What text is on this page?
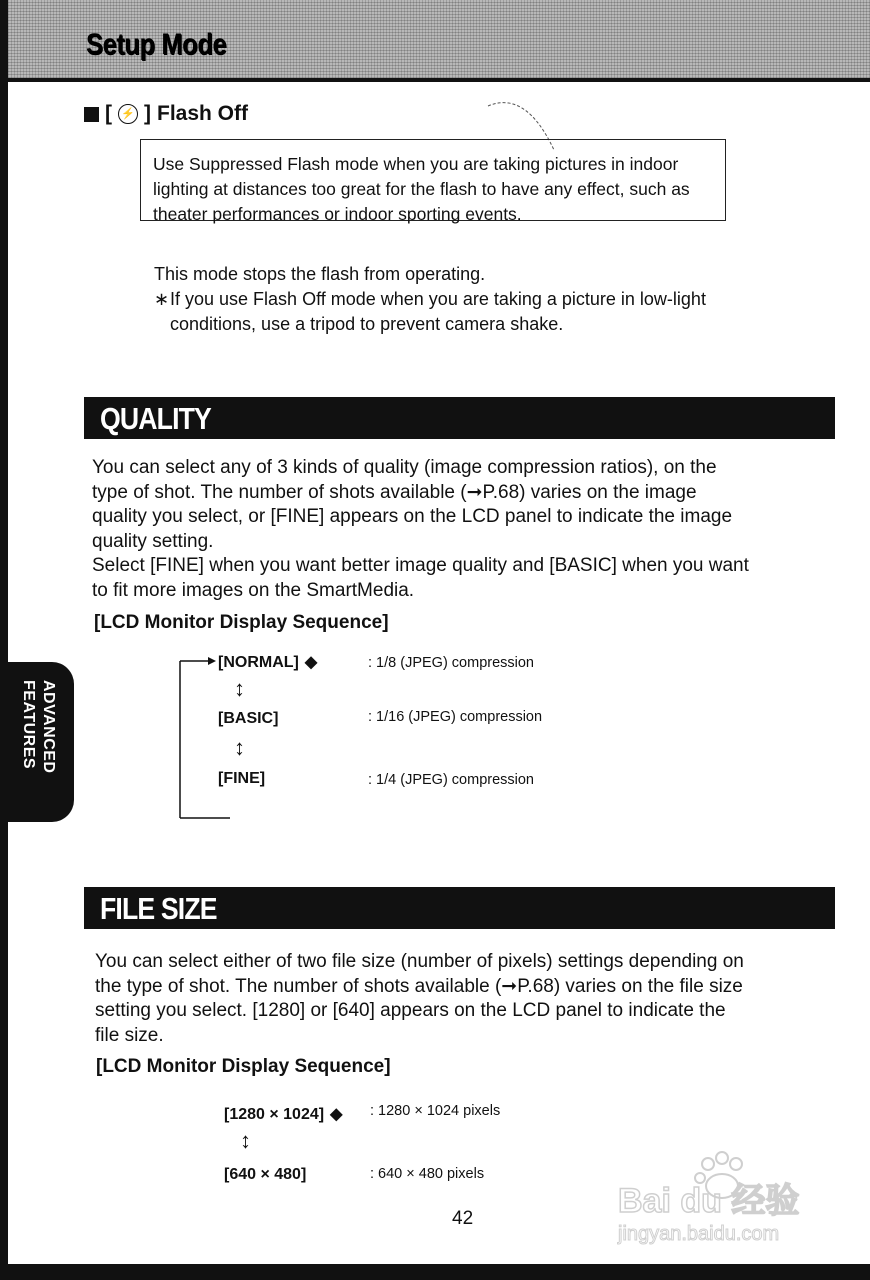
Setup Mode
[ ⚡ ] Flash Off
Use Suppressed Flash mode when you are taking pictures in indoor
lighting at distances too great for the flash to have any effect, such as
theater performances or indoor sporting events.

This mode stops the flash from operating.

∗ If you use Flash Off mode when you are taking a picture in low-light
conditions, use a tripod to prevent camera shake.

QUALITY

You can select any of 3 kinds of quality (image compression ratios), on the

type of shot. The number of shots available (➞P.68) varies on the image

quality you select, or [FINE] appears on the LCD panel to indicate the image

quality setting.

Select [FINE] when you want better image quality and [BASIC] when you want

to fit more images on the SmartMedia.

[LCD Monitor Display Sequence]
ADVANCED
FEATURES
[NORMAL] ◆	: 1/8 (JPEG) compression
↕
[BASIC]	: 1/16 (JPEG) compression
↕
[FINE]	: 1/4 (JPEG) compression
FILE SIZE

You can select either of two file size (number of pixels) settings depending on

the type of shot. The number of shots available (➞P.68) varies on the file size

setting you select. [1280] or [640] appears on the LCD panel to indicate the

file size.

[LCD Monitor Display Sequence]
[1280 × 1024] ◆ : 1280 × 1024 pixels
↕
[640 × 480]	: 640 × 480 pixels
42	Bai du 经验
jingyan.baidu.com
